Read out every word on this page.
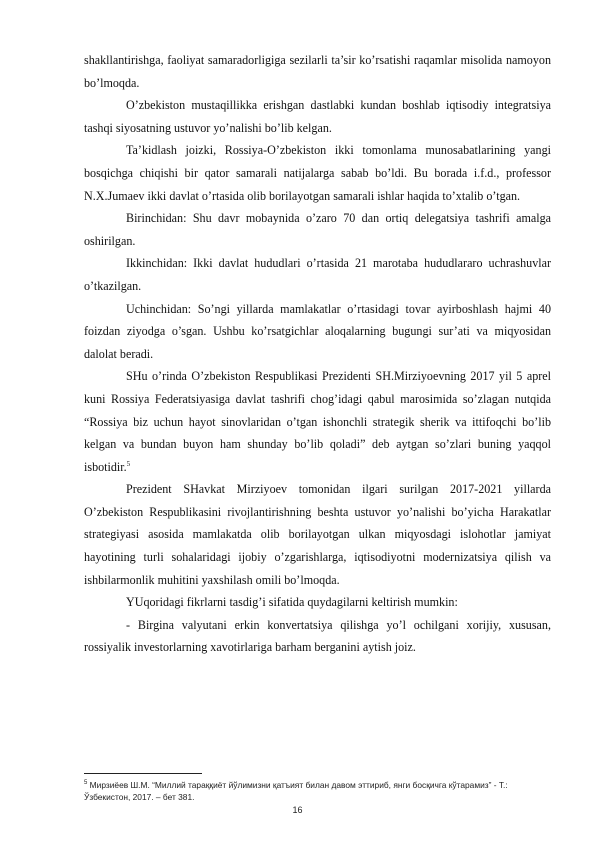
shakllantirishga, faoliyat samaradorligiga sezilarli ta’sir ko’rsatishi raqamlar misolida namoyon bo’lmoqda.

O’zbekiston mustaqillikka erishgan dastlabki kundan boshlab iqtisodiy integratsiya tashqi siyosatning ustuvor yo’nalishi bo’lib kelgan.

Ta’kidlash joizki, Rossiya-O’zbekiston ikki tomonlama munosabatlarining yangi bosqichga chiqishi bir qator samarali natijalarga sabab bo’ldi. Bu borada i.f.d., professor N.X.Jumaev ikki davlat o’rtasida olib borilayotgan samarali ishlar haqida to’xtalib o’tgan.

Birinchidan: Shu davr mobaynida o’zaro 70 dan ortiq delegatsiya tashrifi amalga oshirilgan.

Ikkinchidan: Ikki davlat hududlari o’rtasida 21 marotaba hududlararo uchrashuvlar o’tkazilgan.

Uchinchidan: So’ngi yillarda mamlakatlar o’rtasidagi tovar ayirboshlash hajmi 40 foizdan ziyodga o’sgan. Ushbu ko’rsatgichlar aloqalarning bugungi sur’ati va miqyosidan dalolat beradi.

SHu o’rinda O’zbekiston Respublikasi Prezidenti SH.Mirziyoevning 2017 yil 5 aprel kuni Rossiya Federatsiyasiga davlat tashrifi chog’idagi qabul marosimida so’zlagan nutqida “Rossiya biz uchun hayot sinovlaridan o’tgan ishonchli strategik sherik va ittifoqchi bo’lib kelgan va bundan buyon ham shunday bo’lib qoladi” deb aytgan so’zlari buning yaqqol isbotidir.$^5$

Prezident SHavkat Mirziyoev tomonidan ilgari surilgan 2017-2021 yillarda O’zbekiston Respublikasini rivojlantirishning beshta ustuvor yo’nalishi bo’yicha Harakatlar strategiyasi asosida mamlakatda olib borilayotgan ulkan miqyosdagi islohotlar jamiyat hayotining turli sohalaridagi ijobiy o’zgarishlarga, iqtisodiyotni modernizatsiya qilish va ishbilarmonlik muhitini yaxshilash omili bo’lmoqda.

YUqoridagi fikrlarni tasdig’i sifatida quydagilarni keltirish mumkin:

- Birgina valyutani erkin konvertatsiya qilishga yo’l ochilgani xorijiy, xususan, rossiyalik investorlarning xavotirlariga barham berganini aytish joiz.

$^5$ Мирзиёев Ш.М. “Миллий тараққиёт йўлимизни қатъият билан давом эттириб, янги босқичга кўтарамиз” - Т.: Ўзбекистон, 2017. – бет 381.
16
